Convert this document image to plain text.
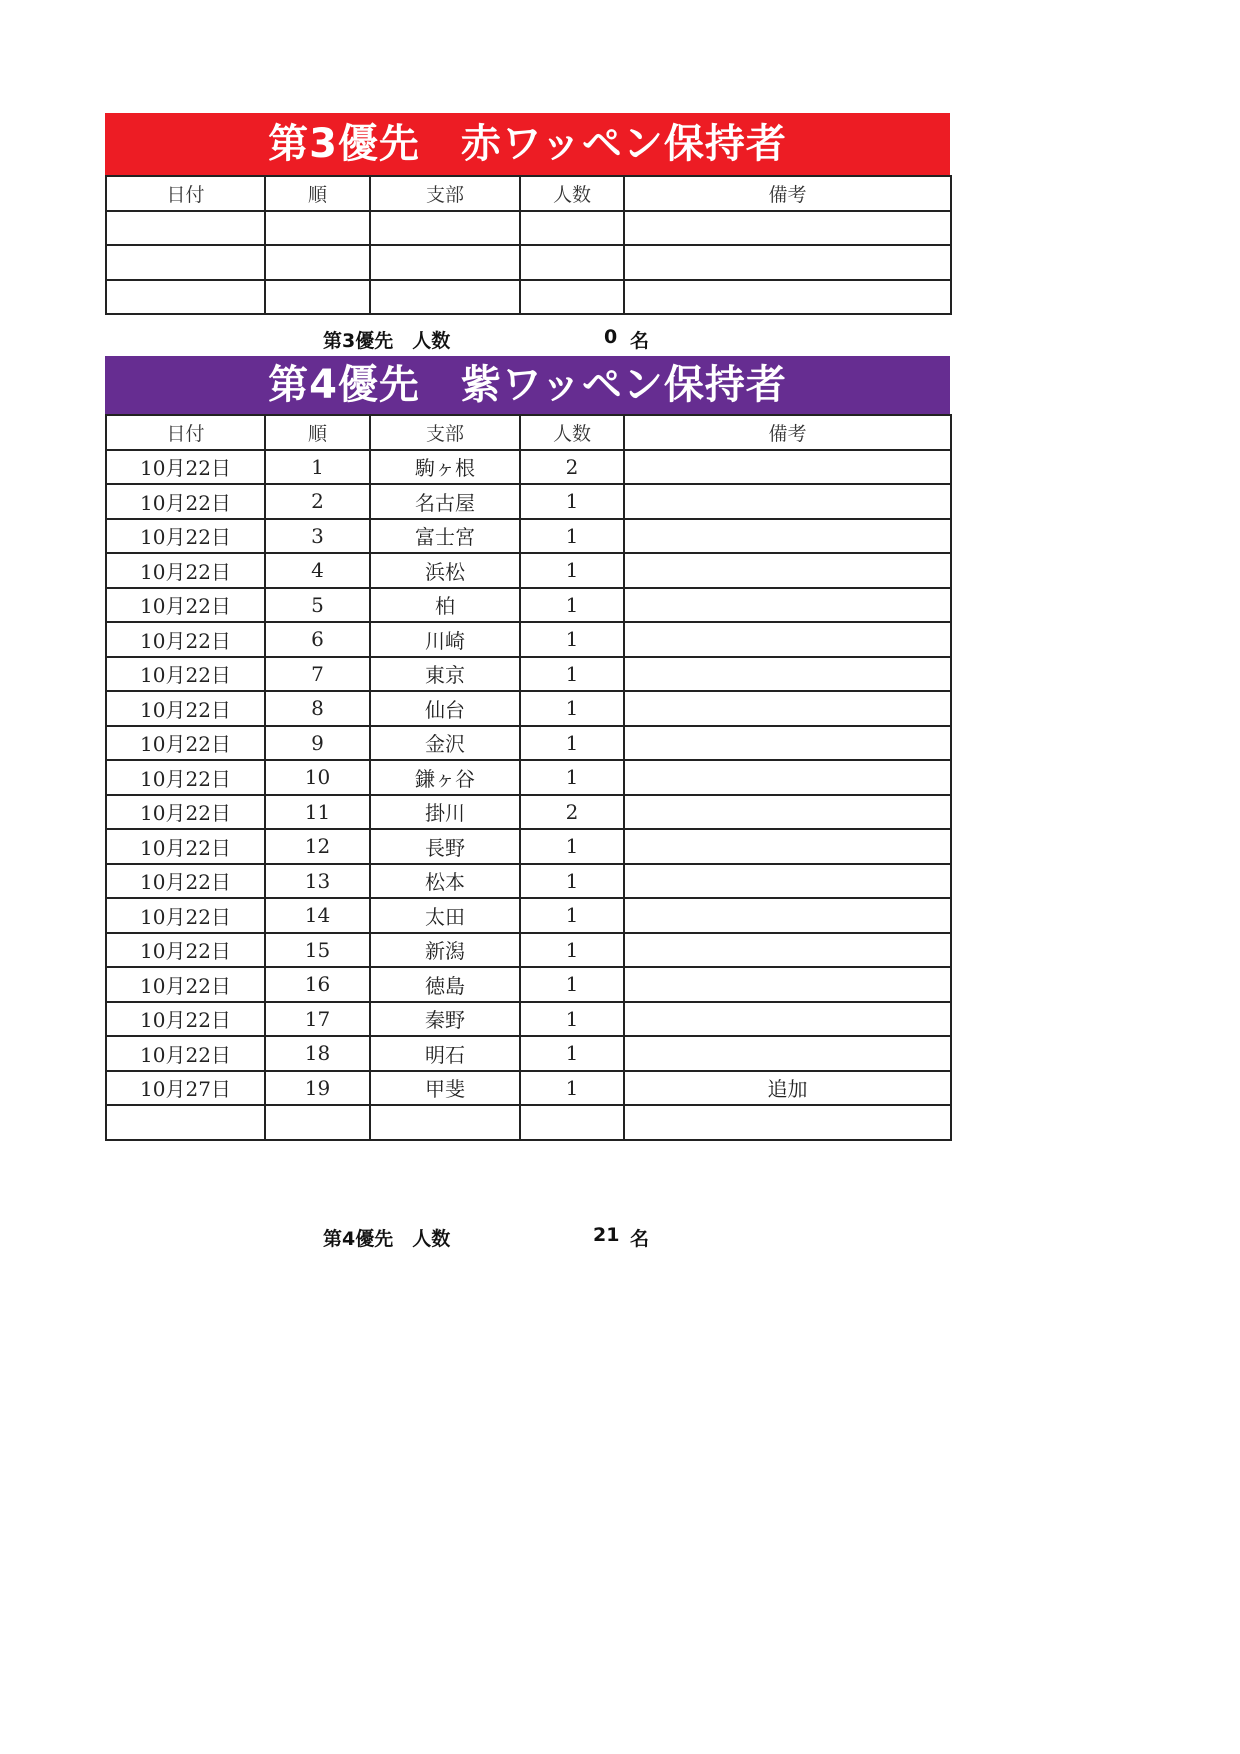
第3優先　赤ワッペン保持者
日付	順	支部	人数	備考

第3優先　人数	0 名
第4優先　紫ワッペン保持者
日付	順	支部	人数	備考
10月22日	1	駒ヶ根	2	
10月22日	2	名古屋	1	
10月22日	3	富士宮	1	
10月22日	4	浜松	1	
10月22日	5	柏	1	
10月22日	6	川崎	1	
10月22日	7	東京	1	
10月22日	8	仙台	1	
10月22日	9	金沢	1	
10月22日	10	鎌ヶ谷	1	
10月22日	11	掛川	2	
10月22日	12	長野	1	
10月22日	13	松本	1	
10月22日	14	太田	1	
10月22日	15	新潟	1	
10月22日	16	徳島	1	
10月22日	17	秦野	1	
10月22日	18	明石	1	
10月27日	19	甲斐	1	追加

第4優先　人数	21 名
